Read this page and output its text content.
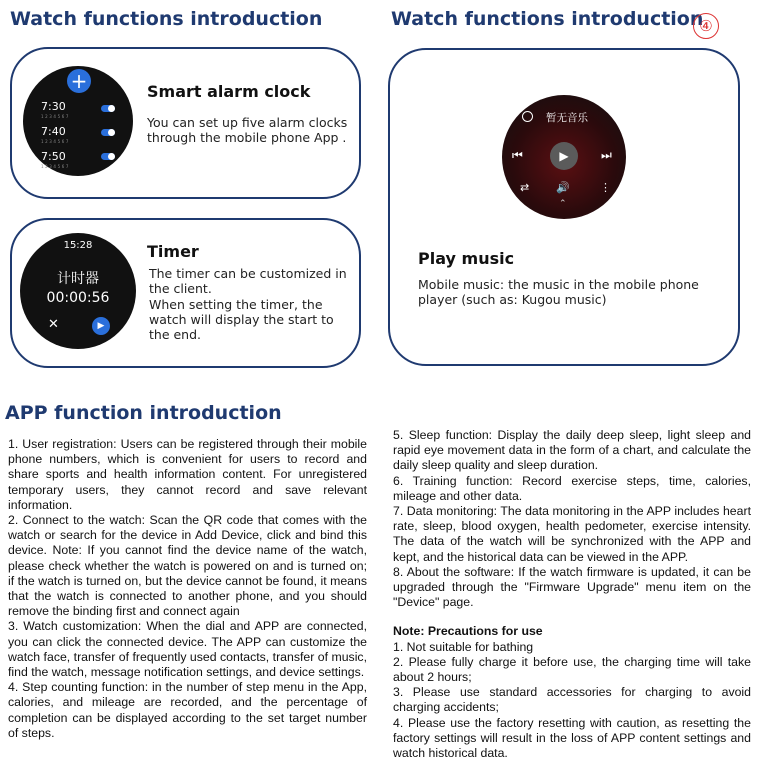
Watch functions introduction	Watch functions introduction
④
+
7:30
1234567
7:40
1234567
7:50
1234567
Smart alarm clock
You can set up five alarm clocks through the mobile phone App .
15:28
计时器
00:00:56
✕	▶
Timer
The timer can be customized in the client.
When setting the timer, the watch will display the start to the end.
暂无音乐
⏮	▶	⏭
⇄ 🔊	⋮
⌃
Play music
Mobile music: the music in the mobile phone player (such as: Kugou music)
APP function introduction

1. User registration: Users can be registered through their mobile phone numbers, which is convenient for users to record and share sports and health information content. For unregistered temporary users, they cannot record and save relevant information.

2. Connect to the watch: Scan the QR code that comes with the watch or search for the device in Add Device, click and bind this device. Note: If you cannot find the device name of the watch, please check whether the watch is powered on and is turned on; if the watch is turned on, but the device cannot be found, it means that the watch is connected to another phone, and you should remove the binding first and connect again

3. Watch customization: When the dial and APP are connected, you can click the connected device. The APP can customize the watch face, transfer of frequently used contacts, transfer of music, find the watch, message notification settings, and device settings.

4. Step counting function: in the number of step menu in the App, calories, and mileage are recorded, and the percentage of completion can be displayed according to the set target number of steps.

5. Sleep function: Display the daily deep sleep, light sleep and rapid eye movement data in the form of a chart, and calculate the daily sleep quality and sleep duration.

6. Training function: Record exercise steps, time, calories, mileage and other data.

7. Data monitoring: The data monitoring in the APP includes heart rate, sleep, blood oxygen, health pedometer, exercise intensity. The data of the watch will be synchronized with the APP and kept, and the historical data can be viewed in the APP.

8. About the software: If the watch firmware is updated, it can be upgraded through the "Firmware Upgrade" menu item on the "Device" page.

Note: Precautions for use

1. Not suitable for bathing

2. Please fully charge it before use, the charging time will take about 2 hours;

3. Please use standard accessories for charging to avoid charging accidents;

4. Please use the factory resetting with caution, as resetting the factory settings will result in the loss of APP content settings and watch historical data.
